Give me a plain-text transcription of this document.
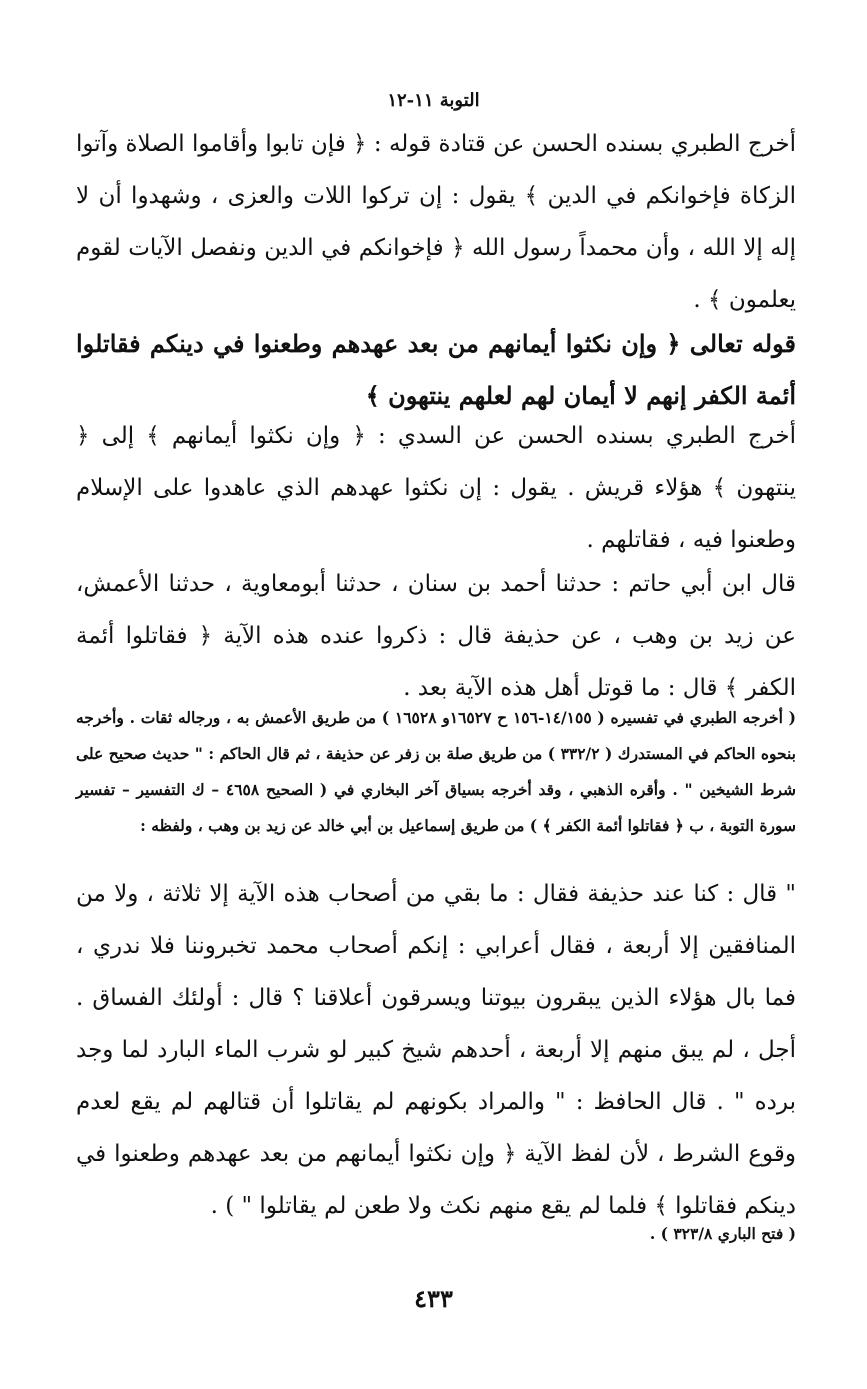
التوبة ١١-١٢
أخرج الطبري بسنده الحسن عن قتادة قوله : ﴿ فإن تابوا وأقاموا الصلاة وآتوا الزكاة فإخوانكم في الدين ﴾ يقول : إن تركوا اللات والعزى ، وشهدوا أن لا إله إلا الله ، وأن محمداً رسول الله ﴿ فإخوانكم في الدين ونفصل الآيات لقوم يعلمون ﴾ .
قوله تعالى ﴿ وإن نكثوا أيمانهم من بعد عهدهم وطعنوا في دينكم فقاتلوا أئمة الكفر إنهم لا أيمان لهم لعلهم ينتهون ﴾
أخرج الطبري بسنده الحسن عن السدي : ﴿ وإن نكثوا أيمانهم ﴾ إلى ﴿ ينتهون ﴾ هؤلاء قريش . يقول : إن نكثوا عهدهم الذي عاهدوا على الإسلام وطعنوا فيه ، فقاتلهم .
قال ابن أبي حاتم : حدثنا أحمد بن سنان ، حدثنا أبومعاوية ، حدثنا الأعمش، عن زيد بن وهب ، عن حذيفة قال : ذكروا عنده هذه الآية ﴿ فقاتلوا أئمة الكفر ﴾ قال : ما قوتل أهل هذه الآية بعد .
( أخرجه الطبري في تفسيره ( ١٤/١٥٥-١٥٦ ح ١٦٥٢٧و ١٦٥٢٨ ) من طريق الأعمش به ، ورجاله ثقات . وأخرجه بنحوه الحاكم في المستدرك ( ٣٣٢/٢ ) من طريق صلة بن زفر عن حذيفة ، ثم قال الحاكم : " حديث صحيح على شرط الشيخين " . وأقره الذهبي ، وقد أخرجه بسياق آخر البخاري في ( الصحيح ٤٦٥٨ – ك التفسير – تفسير سورة التوبة ، ب ﴿ فقاتلوا أئمة الكفر ﴾ ) من طريق إسماعيل بن أبي خالد عن زيد بن وهب ، ولفظه :
" قال : كنا عند حذيفة فقال : ما بقي من أصحاب هذه الآية إلا ثلاثة ، ولا من المنافقين إلا أربعة ، فقال أعرابي : إنكم أصحاب محمد تخبروننا فلا ندري ، فما بال هؤلاء الذين يبقرون بيوتنا ويسرقون أعلاقنا ؟ قال : أولئك الفساق . أجل ، لم يبق منهم إلا أربعة ، أحدهم شيخ كبير لو شرب الماء البارد لما وجد برده " . قال الحافظ : " والمراد بكونهم لم يقاتلوا أن قتالهم لم يقع لعدم وقوع الشرط ، لأن لفظ الآية ﴿ وإن نكثوا أيمانهم من بعد عهدهم وطعنوا في دينكم فقاتلوا ﴾ فلما لم يقع منهم نكث ولا طعن لم يقاتلوا " ) .
( فتح الباري ٣٢٣/٨ ) .
٤٣٣
